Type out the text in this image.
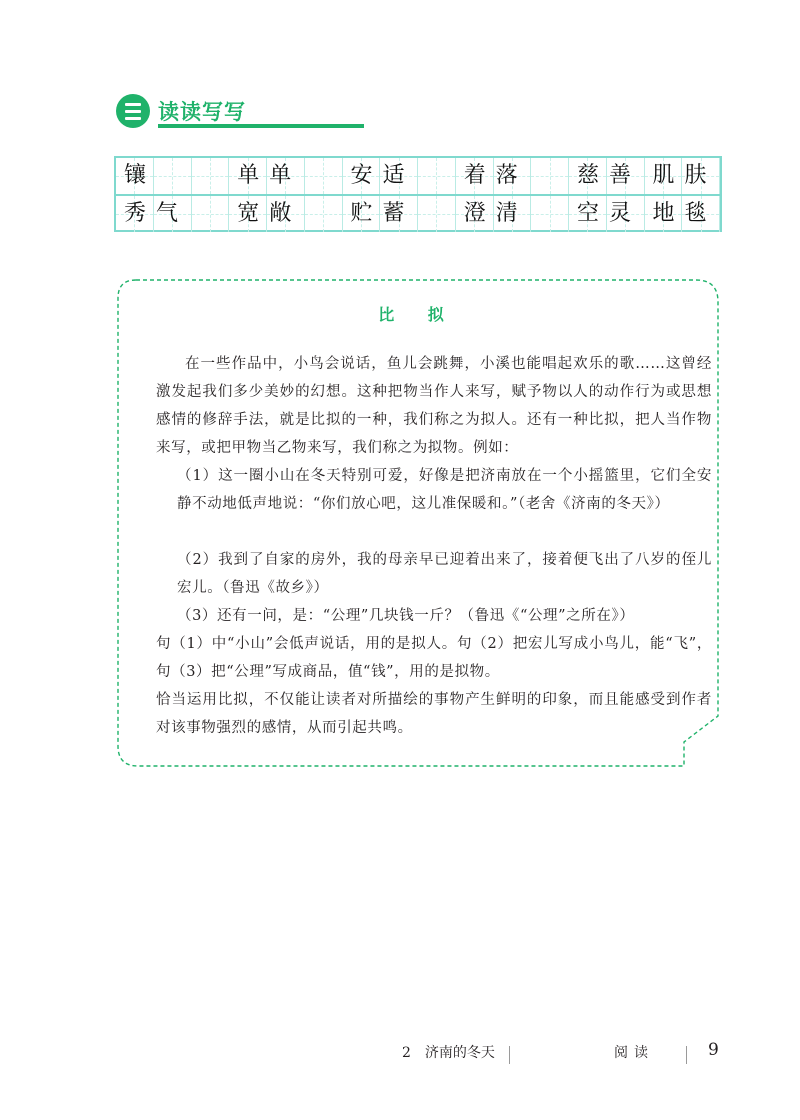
读读写写
镶	单单 安适 着落 慈善 肌肤
秀气 宽敞 贮蓄 澄清 空灵 地毯
比 拟
在一些作品中，小鸟会说话，鱼儿会跳舞，小溪也能唱起欢乐的歌……这曾经激发起我们多少美妙的幻想。这种把物当作人来写，赋予物以人的动作行为或思想感情的修辞手法，就是比拟的一种，我们称之为拟人。还有一种比拟，把人当作物来写，或把甲物当乙物来写，我们称之为拟物。例如：
（1）这一圈小山在冬天特别可爱，好像是把济南放在一个小摇篮里，它们全安静不动地低声地说：“你们放心吧，这儿准保暖和。”（老舍《济南的冬天》）
（2）我到了自家的房外，我的母亲早已迎着出来了，接着便飞出了八岁的侄儿宏儿。（鲁迅《故乡》）
（3）还有一问，是：“公理”几块钱一斤？（鲁迅《“公理”之所在》）
句（1）中“小山”会低声说话，用的是拟人。句（2）把宏儿写成小鸟儿，能“飞”，句（3）把“公理”写成商品，值“钱”，用的是拟物。
恰当运用比拟，不仅能让读者对所描绘的事物产生鲜明的印象，而且能感受到作者对该事物强烈的感情，从而引起共鸣。
2　济南的冬天	阅读	9
